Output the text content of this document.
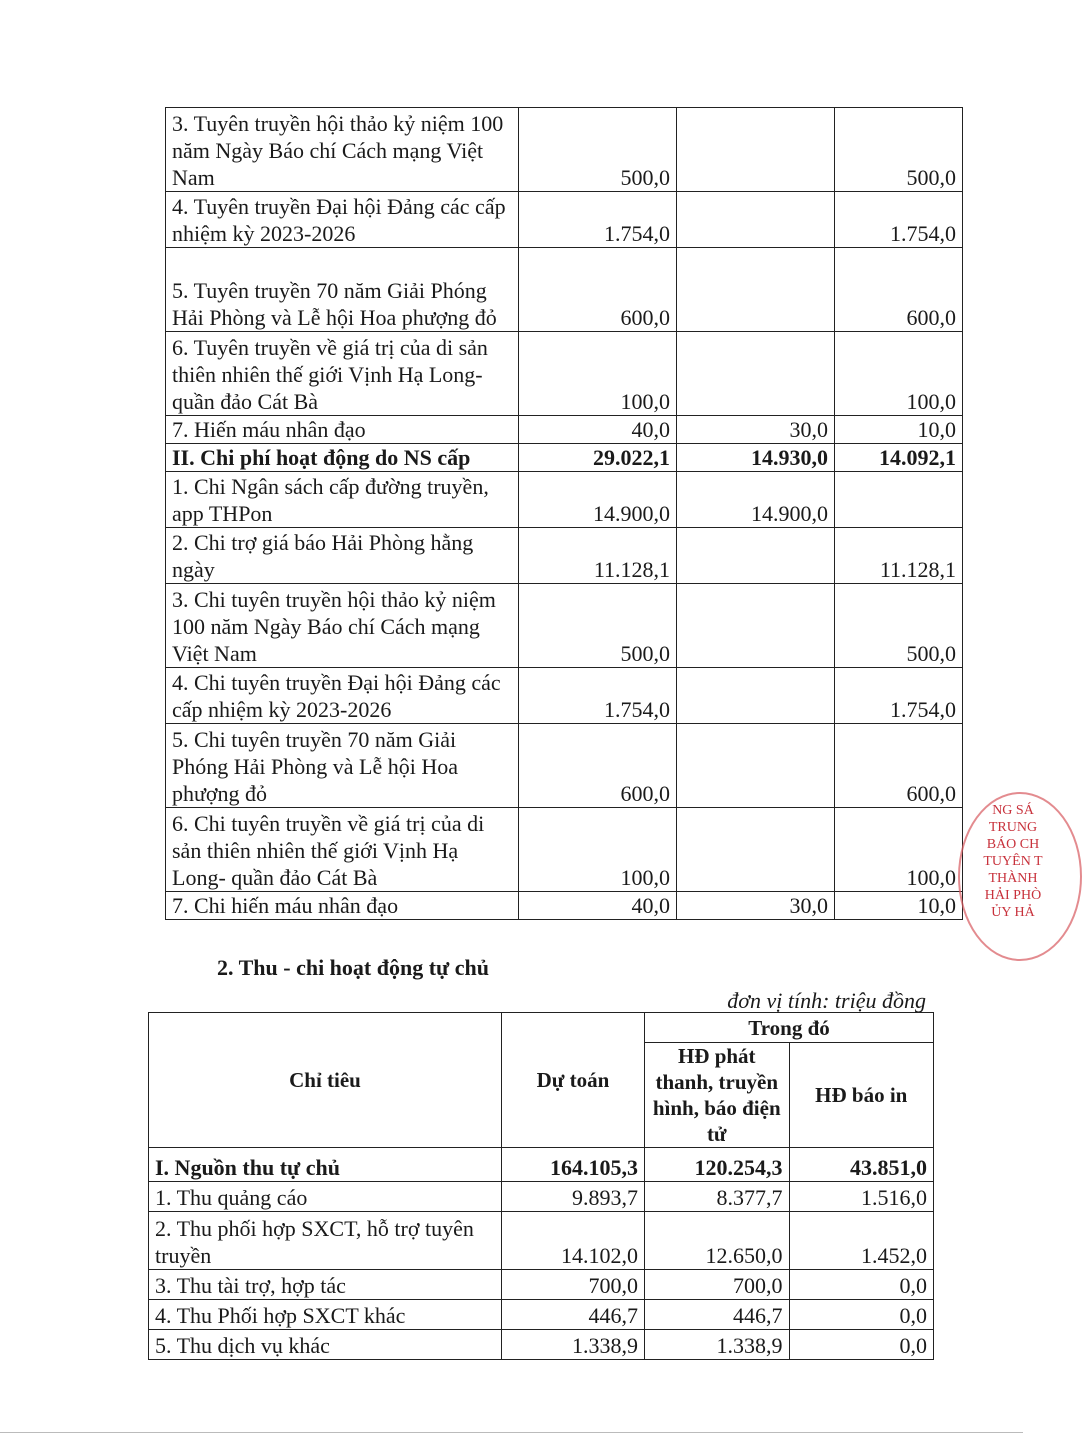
3. Tuyên truyền hội thảo kỷ niệm 100 năm Ngày Báo chí Cách mạng Việt Nam	500,0		500,0
4. Tuyên truyền Đại hội Đảng các cấp nhiệm kỳ 2023-2026	1.754,0		1.754,0
5. Tuyên truyền 70 năm Giải Phóng Hải Phòng và Lễ hội Hoa phượng đỏ	600,0		600,0
6. Tuyên truyền về giá trị của di sản thiên nhiên thế giới Vịnh Hạ Long- quần đảo Cát Bà	100,0		100,0
7. Hiến máu nhân đạo	40,0	30,0	10,0
II. Chi phí hoạt động do NS cấp	29.022,1	14.930,0	14.092,1
1. Chi Ngân sách cấp đường truyền, app THPon	14.900,0	14.900,0	
2. Chi trợ giá báo Hải Phòng hằng ngày	11.128,1		11.128,1
3. Chi tuyên truyền hội thảo kỷ niệm 100 năm Ngày Báo chí Cách mạng Việt Nam	500,0		500,0
4. Chi tuyên truyền Đại hội Đảng các cấp nhiệm kỳ 2023-2026	1.754,0		1.754,0
5. Chi tuyên truyền 70 năm Giải Phóng Hải Phòng và Lễ hội Hoa phượng đỏ	600,0		600,0
6. Chi tuyên truyền về giá trị của di sản thiên nhiên thế giới Vịnh Hạ Long- quần đảo Cát Bà	100,0		100,0
7. Chi hiến máu nhân đạo	40,0	30,0	10,0
2. Thu - chi hoạt động tự chủ
đơn vị tính: triệu đồng
Chỉ tiêu	Dự toán	Trong đó	
		HĐ phát thanh, truyền hình, báo điện tử	HĐ báo in
I. Nguồn thu tự chủ	164.105,3	120.254,3	43.851,0
1. Thu quảng cáo	9.893,7	8.377,7	1.516,0
2. Thu phối hợp SXCT, hỗ trợ tuyên truyền	14.102,0	12.650,0	1.452,0
3. Thu tài trợ, hợp tác	700,0	700,0	0,0
4. Thu Phối hợp SXCT khác	446,7	446,7	0,0
5. Thu dịch vụ khác	1.338,9	1.338,9	0,0
NG SÁ
TRUNG
BÁO CH
TUYÊN T
THÀNH
HẢI PHÒ
ỦY HẢ
